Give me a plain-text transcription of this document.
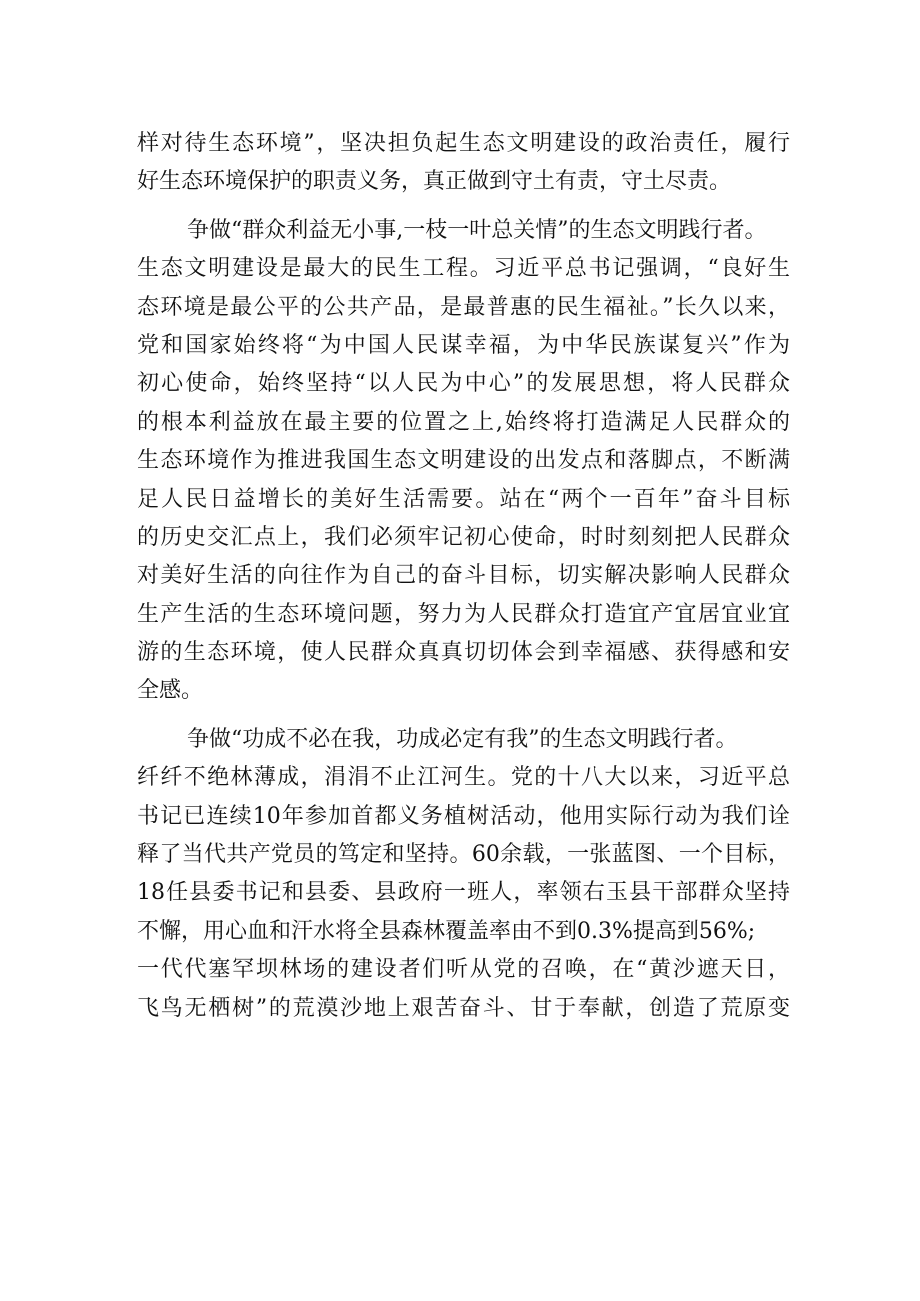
样对待生态环境”，坚决担负起生态文明建设的政治责任，履行
好生态环境保护的职责义务，真正做到守土有责，守土尽责。
争做“群众利益无小事,一枝一叶总关情”的生态文明践行者。
生态文明建设是最大的民生工程。习近平总书记强调，“良好生
态环境是最公平的公共产品，是最普惠的民生福祉。”长久以来，
党和国家始终将“为中国人民谋幸福，为中华民族谋复兴”作为
初心使命，始终坚持“以人民为中心”的发展思想，将人民群众
的根本利益放在最主要的位置之上,始终将打造满足人民群众的
生态环境作为推进我国生态文明建设的出发点和落脚点，不断满
足人民日益增长的美好生活需要。站在“两个一百年”奋斗目标
的历史交汇点上，我们必须牢记初心使命，时时刻刻把人民群众
对美好生活的向往作为自己的奋斗目标，切实解决影响人民群众
生产生活的生态环境问题，努力为人民群众打造宜产宜居宜业宜
游的生态环境，使人民群众真真切切体会到幸福感、获得感和安
全感。
争做“功成不必在我，功成必定有我”的生态文明践行者。
纤纤不绝林薄成，涓涓不止江河生。党的十八大以来，习近平总
书记已连续10年参加首都义务植树活动，他用实际行动为我们诠
释了当代共产党员的笃定和坚持。60余载，一张蓝图、一个目标，
18任县委书记和县委、县政府一班人，率领右玉县干部群众坚持
不懈，用心血和汗水将全县森林覆盖率由不到0.3%提高到56%;
一代代塞罕坝林场的建设者们听从党的召唤，在“黄沙遮天日，
飞鸟无栖树”的荒漠沙地上艰苦奋斗、甘于奉献，创造了荒原变
